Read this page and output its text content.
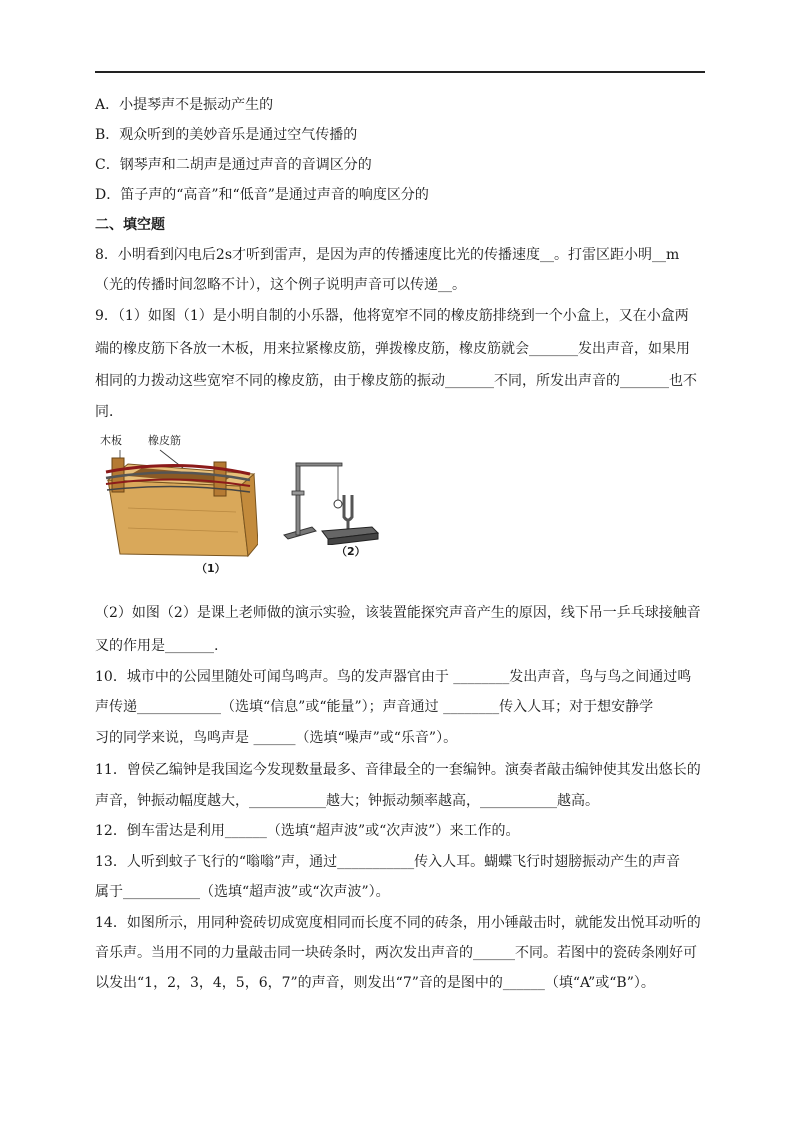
A．小提琴声不是振动产生的
B．观众听到的美妙音乐是通过空气传播的
C．钢琴声和二胡声是通过声音的音调区分的
D．笛子声的“高音”和“低音”是通过声音的响度区分的
二、填空题
8．小明看到闪电后2s才听到雷声，是因为声的传播速度比光的传播速度__。打雷区距小明__m
（光的传播时间忽略不计），这个例子说明声音可以传递__。
9．（1）如图（1）是小明自制的小乐器，他将宽窄不同的橡皮筋排绕到一个小盒上，又在小盒两
端的橡皮筋下各放一木板，用来拉紧橡皮筋，弹拨橡皮筋，橡皮筋就会_______发出声音，如果用
相同的力拨动这些宽窄不同的橡皮筋，由于橡皮筋的振动_______不同，所发出声音的_______也不
同．
木板 橡皮筋
（1）
（2）
（2）如图（2）是课上老师做的演示实验，该装置能探究声音产生的原因，线下吊一乒乓球接触音
叉的作用是_______.
10．城市中的公园里随处可闻鸟鸣声。鸟的发声器官由于 ________发出声音，鸟与鸟之间通过鸣
声传递____________（选填“信息”或“能量”）；声音通过 ________传入人耳；对于想安静学
习的同学来说，鸟鸣声是 ______（选填“噪声”或“乐音”）。
11．曾侯乙编钟是我国迄今发现数量最多、音律最全的一套编钟。演奏者敲击编钟使其发出悠长的
声音，钟振动幅度越大，___________越大；钟振动频率越高，___________越高。
12．倒车雷达是利用______（选填“超声波”或“次声波”）来工作的。
13．人听到蚊子飞行的“嗡嗡”声，通过___________传入人耳。蝴蝶飞行时翅膀振动产生的声音
属于___________（选填“超声波”或“次声波”）。
14．如图所示，用同种瓷砖切成宽度相同而长度不同的砖条，用小锤敲击时，就能发出悦耳动听的
音乐声。当用不同的力量敲击同一块砖条时，两次发出声音的______不同。若图中的瓷砖条刚好可
以发出“1，2，3，4，5，6，7”的声音，则发出“7”音的是图中的______（填“A”或“B”）。
